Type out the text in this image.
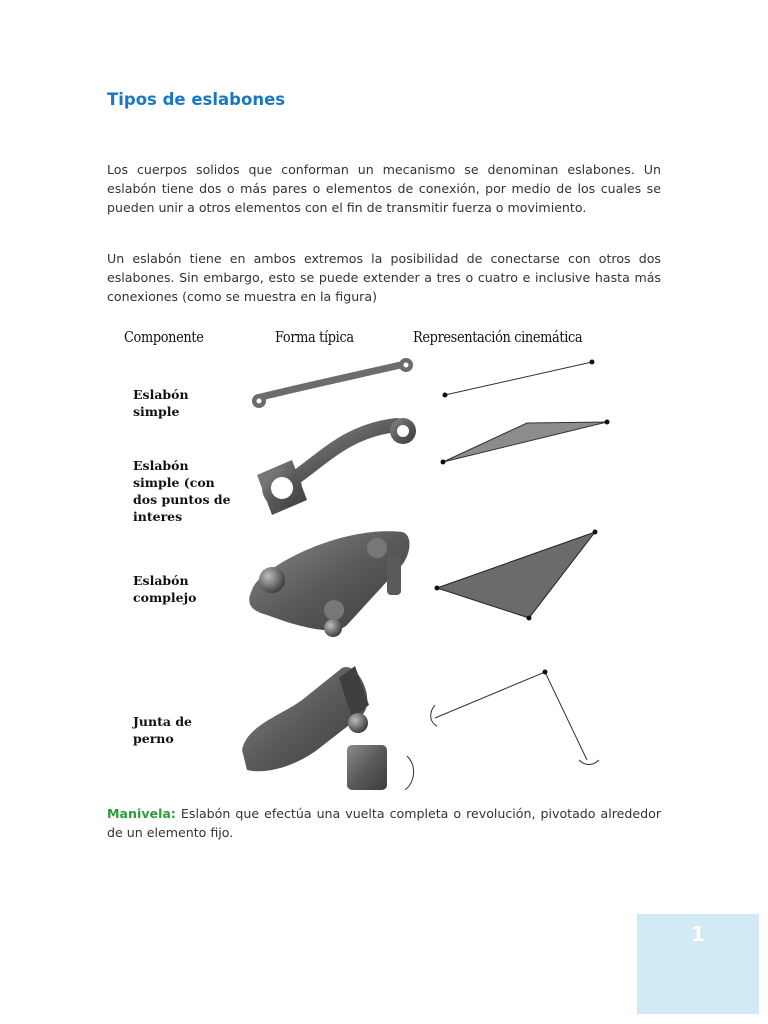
Tipos de eslabones

Los cuerpos solidos que conforman un mecanismo se denominan eslabones. Un eslabón tiene dos o más pares o elementos de conexión, por medio de los cuales se pueden unir a otros elementos con el fin de transmitir fuerza o movimiento.

Un eslabón tiene en ambos extremos la posibilidad de conectarse con otros dos eslabones. Sin embargo, esto se puede extender a tres o cuatro e inclusive hasta más conexiones (como se muestra en la figura)

Componente	Forma típica	Representación cinemática
Eslabón
simple
Eslabón
simple (con
dos puntos de
interes
Eslabón
complejo
Junta de
perno

Manivela: Eslabón que efectúa una vuelta completa o revolución, pivotado alrededor de un elemento fijo.

1
